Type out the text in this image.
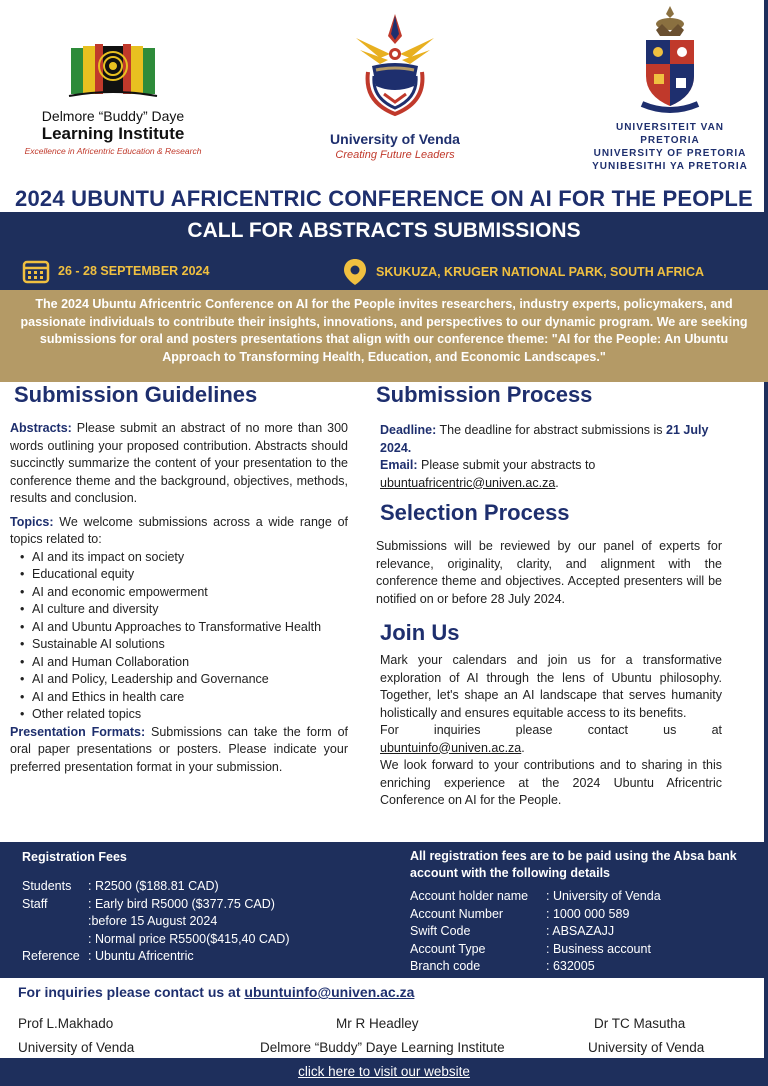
Delmore “Buddy” Daye
Learning Institute
Excellence in Africentric Education & Research
University of Venda
Creating Future Leaders
UNIVERSITEIT VAN PRETORIA
UNIVERSITY OF PRETORIA
YUNIBESITHI YA PRETORIA
2024 UBUNTU AFRICENTRIC CONFERENCE ON AI FOR THE PEOPLE
CALL FOR ABSTRACTS SUBMISSIONS
26 - 28 SEPTEMBER 2024	SKUKUZA, KRUGER NATIONAL PARK, SOUTH AFRICA
The 2024 Ubuntu Africentric Conference on AI for the People invites researchers, industry experts, policymakers, and passionate individuals to contribute their insights, innovations, and perspectives to our dynamic program. We are seeking submissions for oral and posters presentations that align with our conference theme: "AI for the People: An Ubuntu Approach to Transforming Health, Education, and Economic Landscapes."
Submission Guidelines

Abstracts: Please submit an abstract of no more than 300 words outlining your proposed contribution. Abstracts should succinctly summarize the content of your presentation to the conference theme and the background, objectives, methods, results and conclusion.

Topics: We welcome submissions across a wide range of topics related to:

• AI and its impact on society
• Educational equity
• AI and economic empowerment
• AI culture and diversity
• AI and Ubuntu Approaches to Transformative Health
• Sustainable AI solutions
• AI and Human Collaboration
• AI and Policy, Leadership and Governance
• AI and Ethics in health care
• Other related topics

Presentation Formats: Submissions can take the form of oral paper presentations or posters. Please indicate your preferred presentation format in your submission.

Submission Process

Deadline: The deadline for abstract submissions is 21 July 2024.

Email: Please submit your abstracts to ubuntuafricentric@univen.ac.za.

Selection Process

Submissions will be reviewed by our panel of experts for relevance, originality, clarity, and alignment with the conference theme and objectives. Accepted presenters will be notified on or before 28 July 2024.

Join Us

Mark your calendars and join us for a transformative exploration of AI through the lens of Ubuntu philosophy. Together, let's shape an AI landscape that serves humanity holistically and ensures equitable access to its benefits.

For inquiries please contact us at

ubuntuinfo@univen.ac.za.

We look forward to your contributions and to sharing in this enriching experience at the 2024 Ubuntu Africentric Conference on AI for the People.

Registration Fees
Students	: R2500 ($188.81 CAD)
Staff	: Early bird R5000 ($377.75 CAD)
:before 15 August 2024
: Normal price R5500($415,40 CAD)
Reference : Ubuntu Africentric
All registration fees are to be paid using the Absa bank account with the following details
Account holder name	: University of Venda
Account Number	: 1000 000 589
Swift Code	: ABSAZAJJ
Account Type	: Business account
Branch code	: 632005
For inquiries please contact us at ubuntuinfo@univen.ac.za
Prof L.Makhado
University of Venda
Mr R Headley
Delmore “Buddy” Daye Learning Institute
Dr TC Masutha
University of Venda
click here to visit our website
